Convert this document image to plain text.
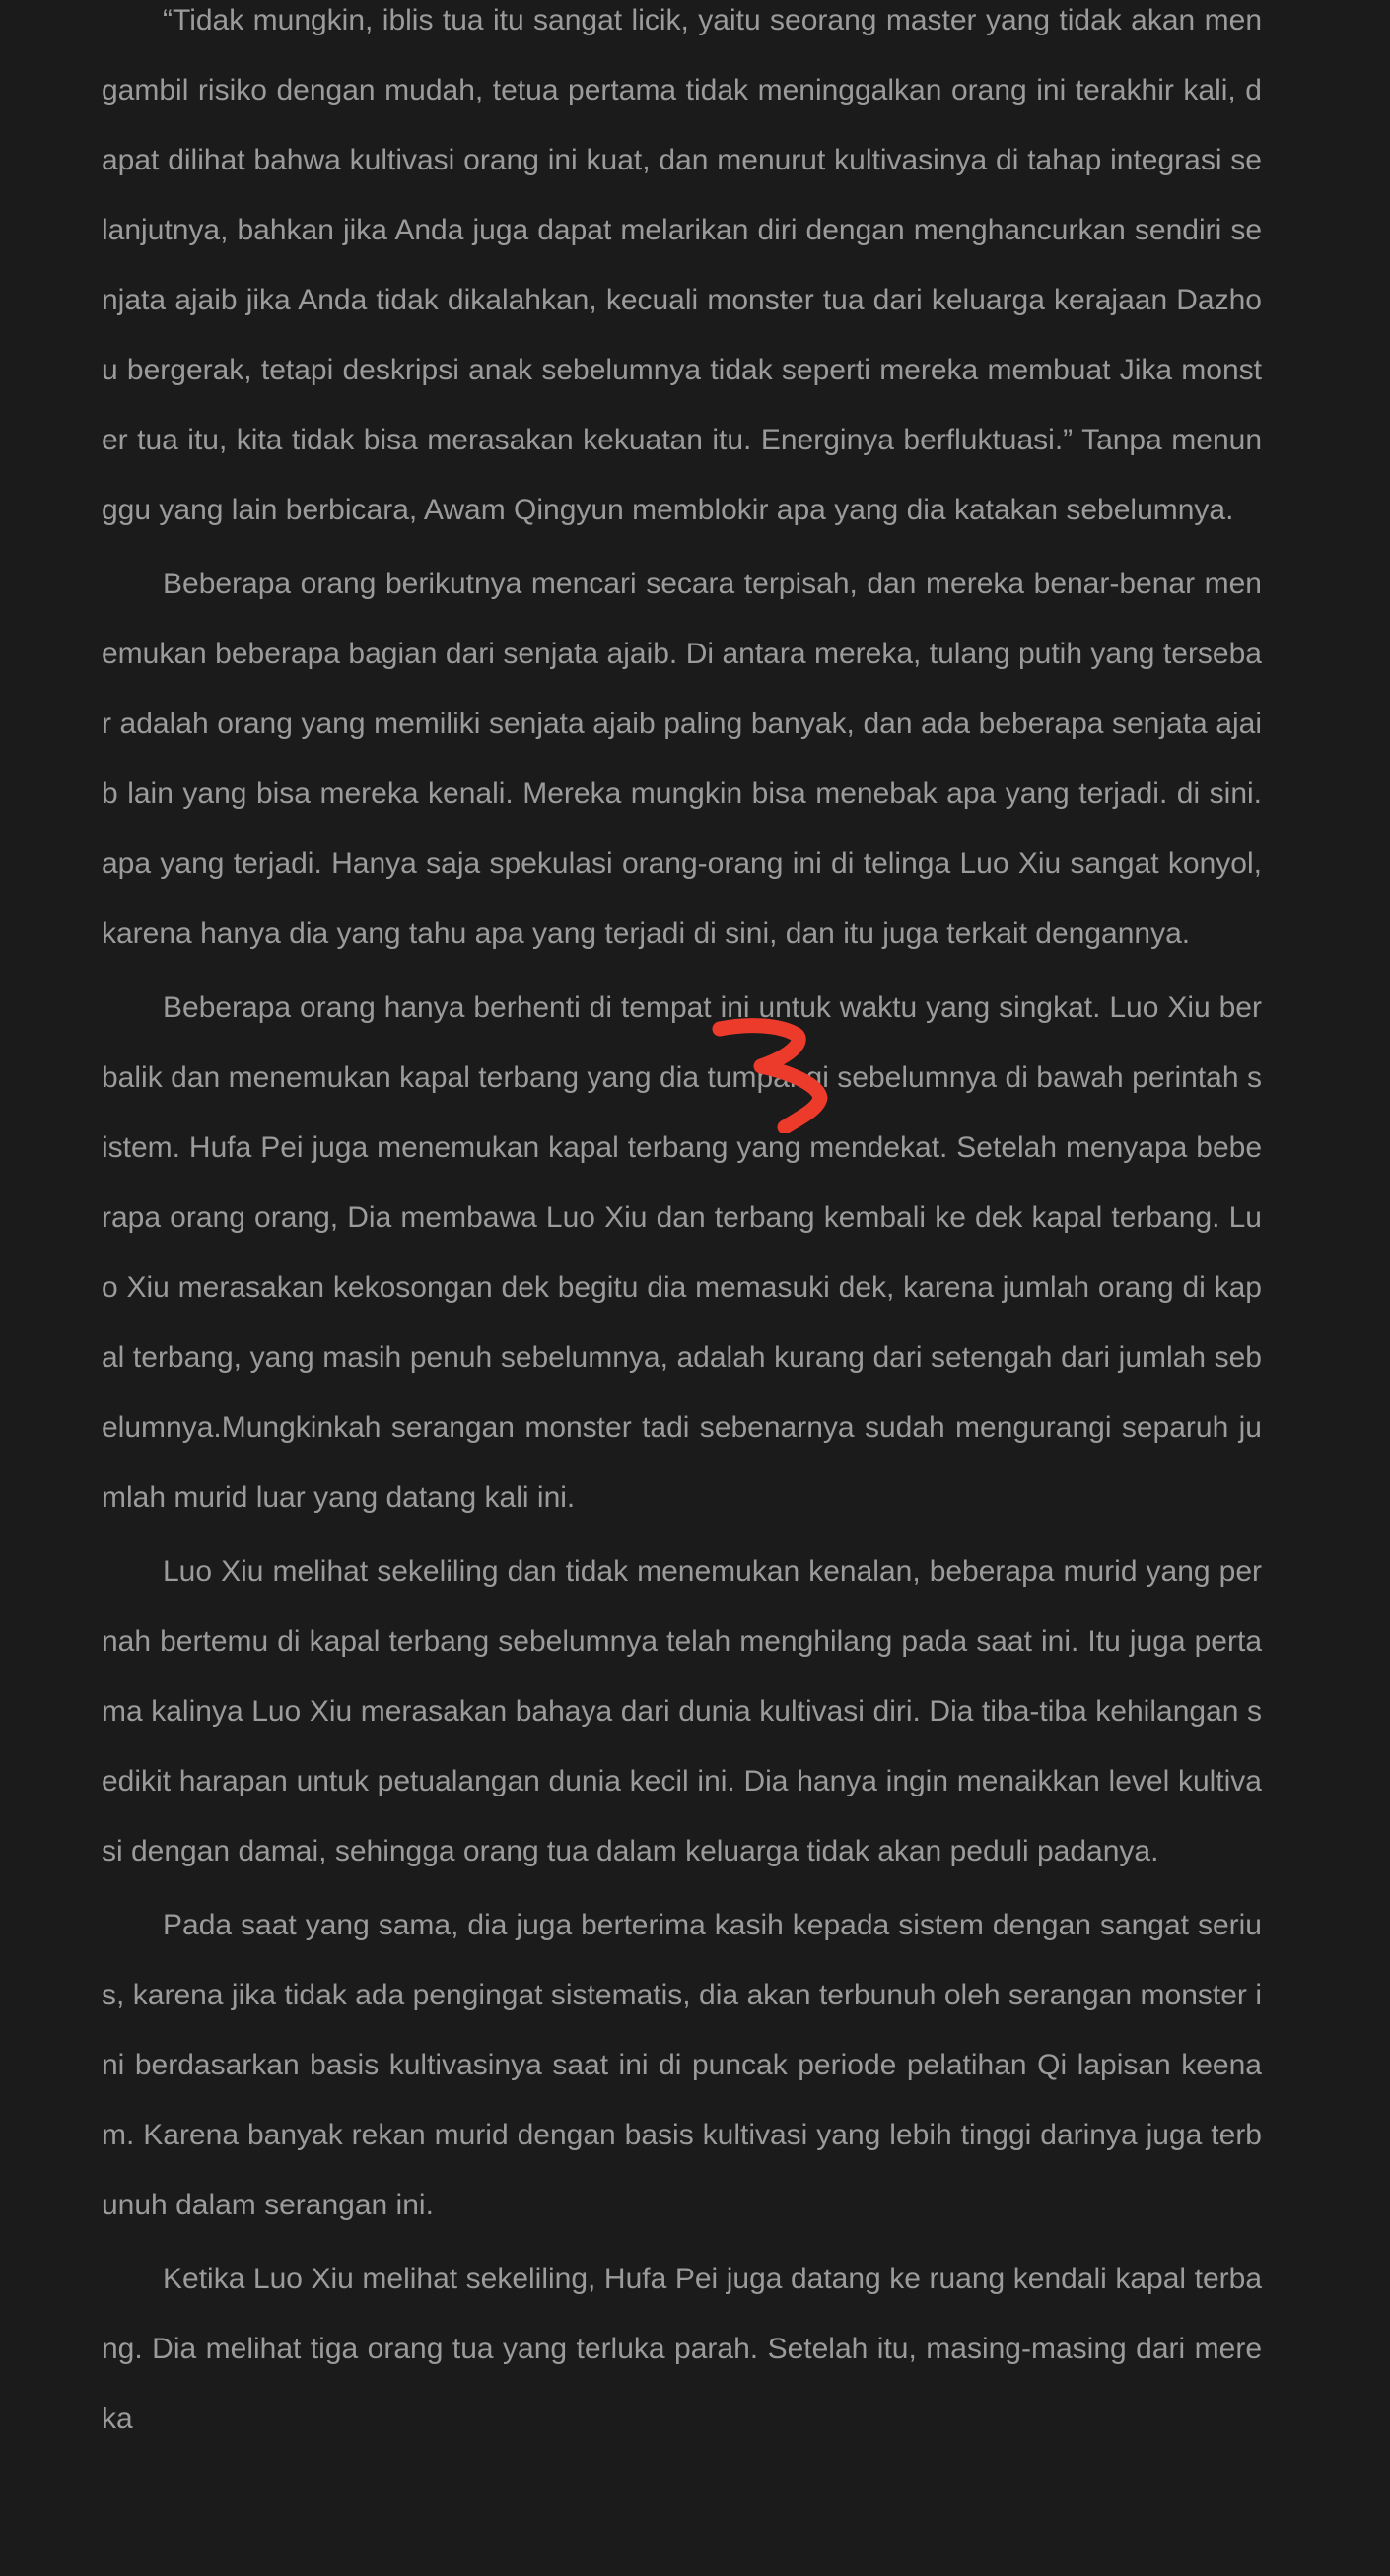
“Tidak mungkin, iblis tua itu sangat licik, yaitu seorang master yang tidak akan mengambil risiko dengan mudah, tetua pertama tidak meninggalkan orang ini terakhir kali, dapat dilihat bahwa kultivasi orang ini kuat, dan menurut kultivasinya di tahap integrasi selanjutnya, bahkan jika Anda juga dapat melarikan diri dengan menghancurkan sendiri senjata ajaib jika Anda tidak dikalahkan, kecuali monster tua dari keluarga kerajaan Dazhou bergerak, tetapi deskripsi anak sebelumnya tidak seperti mereka membuat Jika monster tua itu, kita tidak bisa merasakan kekuatan itu. Energinya berfluktuasi.” Tanpa menunggu yang lain berbicara, Awam Qingyun memblokir apa yang dia katakan sebelumnya.

Beberapa orang berikutnya mencari secara terpisah, dan mereka benar-benar menemukan beberapa bagian dari senjata ajaib. Di antara mereka, tulang putih yang tersebar adalah orang yang memiliki senjata ajaib paling banyak, dan ada beberapa senjata ajaib lain yang bisa mereka kenali. Mereka mungkin bisa menebak apa yang terjadi. di sini. apa yang terjadi. Hanya saja spekulasi orang-orang ini di telinga Luo Xiu sangat konyol, karena hanya dia yang tahu apa yang terjadi di sini, dan itu juga terkait dengannya.

Beberapa orang hanya berhenti di tempat ini untuk waktu yang singkat. Luo Xiu berbalik dan menemukan kapal terbang yang dia tumpangi sebelumnya di bawah perintah sistem. Hufa Pei juga menemukan kapal terbang yang mendekat. Setelah menyapa beberapa orang orang, Dia membawa Luo Xiu dan terbang kembali ke dek kapal terbang. Luo Xiu merasakan kekosongan dek begitu dia memasuki dek, karena jumlah orang di kapal terbang, yang masih penuh sebelumnya, adalah kurang dari setengah dari jumlah sebelumnya.Mungkinkah serangan monster tadi sebenarnya sudah mengurangi separuh jumlah murid luar yang datang kali ini.

Luo Xiu melihat sekeliling dan tidak menemukan kenalan, beberapa murid yang pernah bertemu di kapal terbang sebelumnya telah menghilang pada saat ini. Itu juga pertama kalinya Luo Xiu merasakan bahaya dari dunia kultivasi diri. Dia tiba-tiba kehilangan sedikit harapan untuk petualangan dunia kecil ini. Dia hanya ingin menaikkan level kultivasi dengan damai, sehingga orang tua dalam keluarga tidak akan peduli padanya.

Pada saat yang sama, dia juga berterima kasih kepada sistem dengan sangat serius, karena jika tidak ada pengingat sistematis, dia akan terbunuh oleh serangan monster ini berdasarkan basis kultivasinya saat ini di puncak periode pelatihan Qi lapisan keenam. Karena banyak rekan murid dengan basis kultivasi yang lebih tinggi darinya juga terbunuh dalam serangan ini.

Ketika Luo Xiu melihat sekeliling, Hufa Pei juga datang ke ruang kendali kapal terbang. Dia melihat tiga orang tua yang terluka parah. Setelah itu, masing-masing dari mereka
